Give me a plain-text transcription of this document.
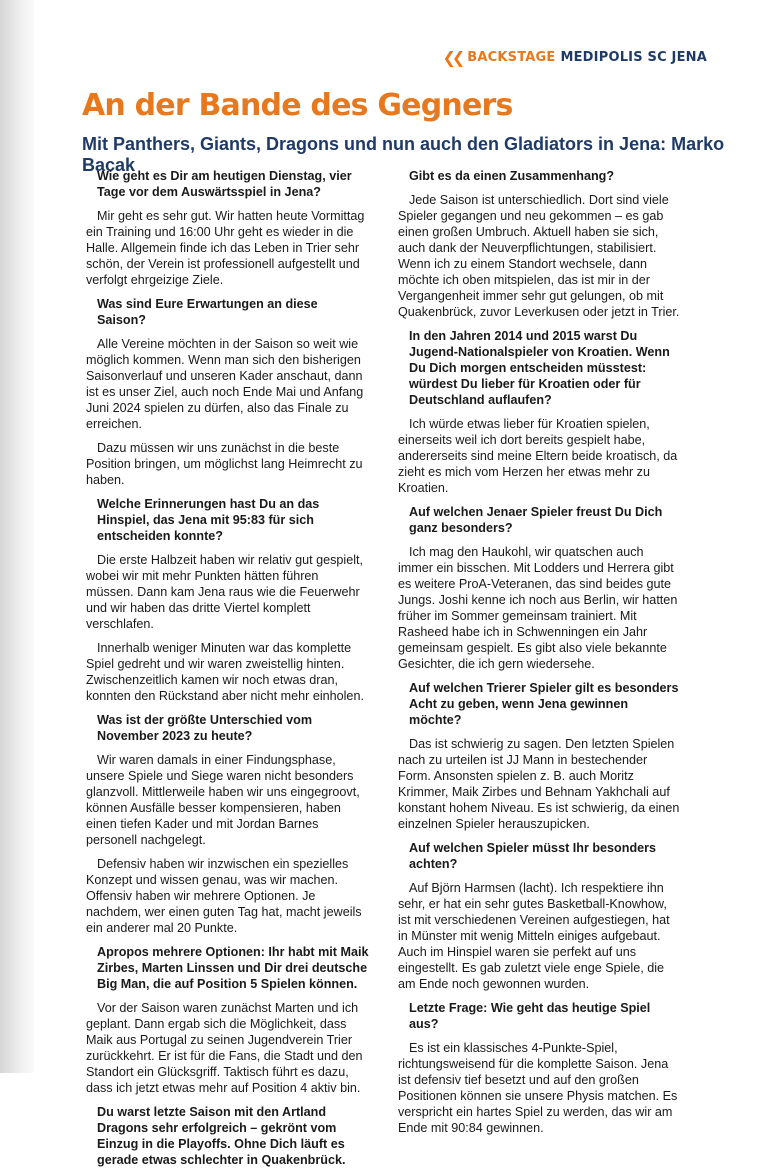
❮❮ BACKSTAGE MEDIPOLIS SC JENA
An der Bande des Gegners
Mit Panthers, Giants, Dragons und nun auch den Gladiators in Jena: Marko Bacak

Wie geht es Dir am heutigen Dienstag, vier Tage vor dem Auswärtsspiel in Jena?

Mir geht es sehr gut. Wir hatten heute Vormittag ein Training und 16:00 Uhr geht es wieder in die Halle. Allgemein finde ich das Leben in Trier sehr schön, der Verein ist professionell aufgestellt und verfolgt ehrgeizige Ziele.

Was sind Eure Erwartungen an diese Saison?

Alle Vereine möchten in der Saison so weit wie möglich kommen. Wenn man sich den bisherigen Saisonverlauf und unseren Kader anschaut, dann ist es unser Ziel, auch noch Ende Mai und Anfang Juni 2024 spielen zu dürfen, also das Finale zu erreichen.

Dazu müssen wir uns zunächst in die beste Position bringen, um möglichst lang Heimrecht zu haben.

Welche Erinnerungen hast Du an das Hinspiel, das Jena mit 95:83 für sich entscheiden konnte?

Die erste Halbzeit haben wir relativ gut gespielt, wobei wir mit mehr Punkten hätten führen müssen. Dann kam Jena raus wie die Feuerwehr und wir haben das dritte Viertel komplett verschlafen.

Innerhalb weniger Minuten war das komplette Spiel gedreht und wir waren zweistellig hinten. Zwischenzeitlich kamen wir noch etwas dran, konnten den Rückstand aber nicht mehr einholen.

Was ist der größte Unterschied vom November 2023 zu heute?

Wir waren damals in einer Findungsphase, unsere Spiele und Siege waren nicht besonders glanzvoll. Mittlerweile haben wir uns eingegroovt, können Ausfälle besser kompensieren, haben einen tiefen Kader und mit Jordan Barnes personell nachgelegt.

Defensiv haben wir inzwischen ein spezielles Konzept und wissen genau, was wir machen. Offensiv haben wir mehrere Optionen. Je nachdem, wer einen guten Tag hat, macht jeweils ein anderer mal 20 Punkte.

Apropos mehrere Optionen: Ihr habt mit Maik Zirbes, Marten Linssen und Dir drei deutsche Big Man, die auf Position 5 Spielen können.

Vor der Saison waren zunächst Marten und ich geplant. Dann ergab sich die Möglichkeit, dass Maik aus Portugal zu seinen Jugendverein Trier zurückkehrt. Er ist für die Fans, die Stadt und den Standort ein Glücksgriff. Taktisch führt es dazu, dass ich jetzt etwas mehr auf Position 4 aktiv bin.

Du warst letzte Saison mit den Artland Dragons sehr erfolgreich – gekrönt vom Einzug in die Playoffs. Ohne Dich läuft es gerade etwas schlechter in Quakenbrück.

Gibt es da einen Zusammenhang?

Jede Saison ist unterschiedlich. Dort sind viele Spieler gegangen und neu gekommen – es gab einen großen Umbruch. Aktuell haben sie sich, auch dank der Neuverpflichtungen, stabilisiert. Wenn ich zu einem Standort wechsele, dann möchte ich oben mitspielen, das ist mir in der Vergangenheit immer sehr gut gelungen, ob mit Quakenbrück, zuvor Leverkusen oder jetzt in Trier.

In den Jahren 2014 und 2015 warst Du Jugend-Nationalspieler von Kroatien. Wenn Du Dich morgen entscheiden müsstest: würdest Du lieber für Kroatien oder für Deutschland auflaufen?

Ich würde etwas lieber für Kroatien spielen, einerseits weil ich dort bereits gespielt habe, andererseits sind meine Eltern beide kroatisch, da zieht es mich vom Herzen her etwas mehr zu Kroatien.

Auf welchen Jenaer Spieler freust Du Dich ganz besonders?

Ich mag den Haukohl, wir quatschen auch immer ein bisschen. Mit Lodders und Herrera gibt es weitere ProA-Veteranen, das sind beides gute Jungs. Joshi kenne ich noch aus Berlin, wir hatten früher im Sommer gemeinsam trainiert. Mit Rasheed habe ich in Schwenningen ein Jahr gemeinsam gespielt. Es gibt also viele bekannte Gesichter, die ich gern wiedersehe.

Auf welchen Trierer Spieler gilt es besonders Acht zu geben, wenn Jena gewinnen möchte?

Das ist schwierig zu sagen. Den letzten Spielen nach zu urteilen ist JJ Mann in bestechender Form. Ansonsten spielen z. B. auch Moritz Krimmer, Maik Zirbes und Behnam Yakhchali auf konstant hohem Niveau. Es ist schwierig, da einen einzelnen Spieler herauszupicken.

Auf welchen Spieler müsst Ihr besonders achten?

Auf Björn Harmsen (lacht). Ich respektiere ihn sehr, er hat ein sehr gutes Basketball-Knowhow, ist mit verschiedenen Vereinen aufgestiegen, hat in Münster mit wenig Mitteln einiges aufgebaut. Auch im Hinspiel waren sie perfekt auf uns eingestellt. Es gab zuletzt viele enge Spiele, die am Ende noch gewonnen wurden.

Letzte Frage: Wie geht das heutige Spiel aus?

Es ist ein klassisches 4-Punkte-Spiel, richtungsweisend für die komplette Saison. Jena ist defensiv tief besetzt und auf den großen Positionen können sie unsere Physis matchen. Es verspricht ein hartes Spiel zu werden, das wir am Ende mit 90:84 gewinnen.
